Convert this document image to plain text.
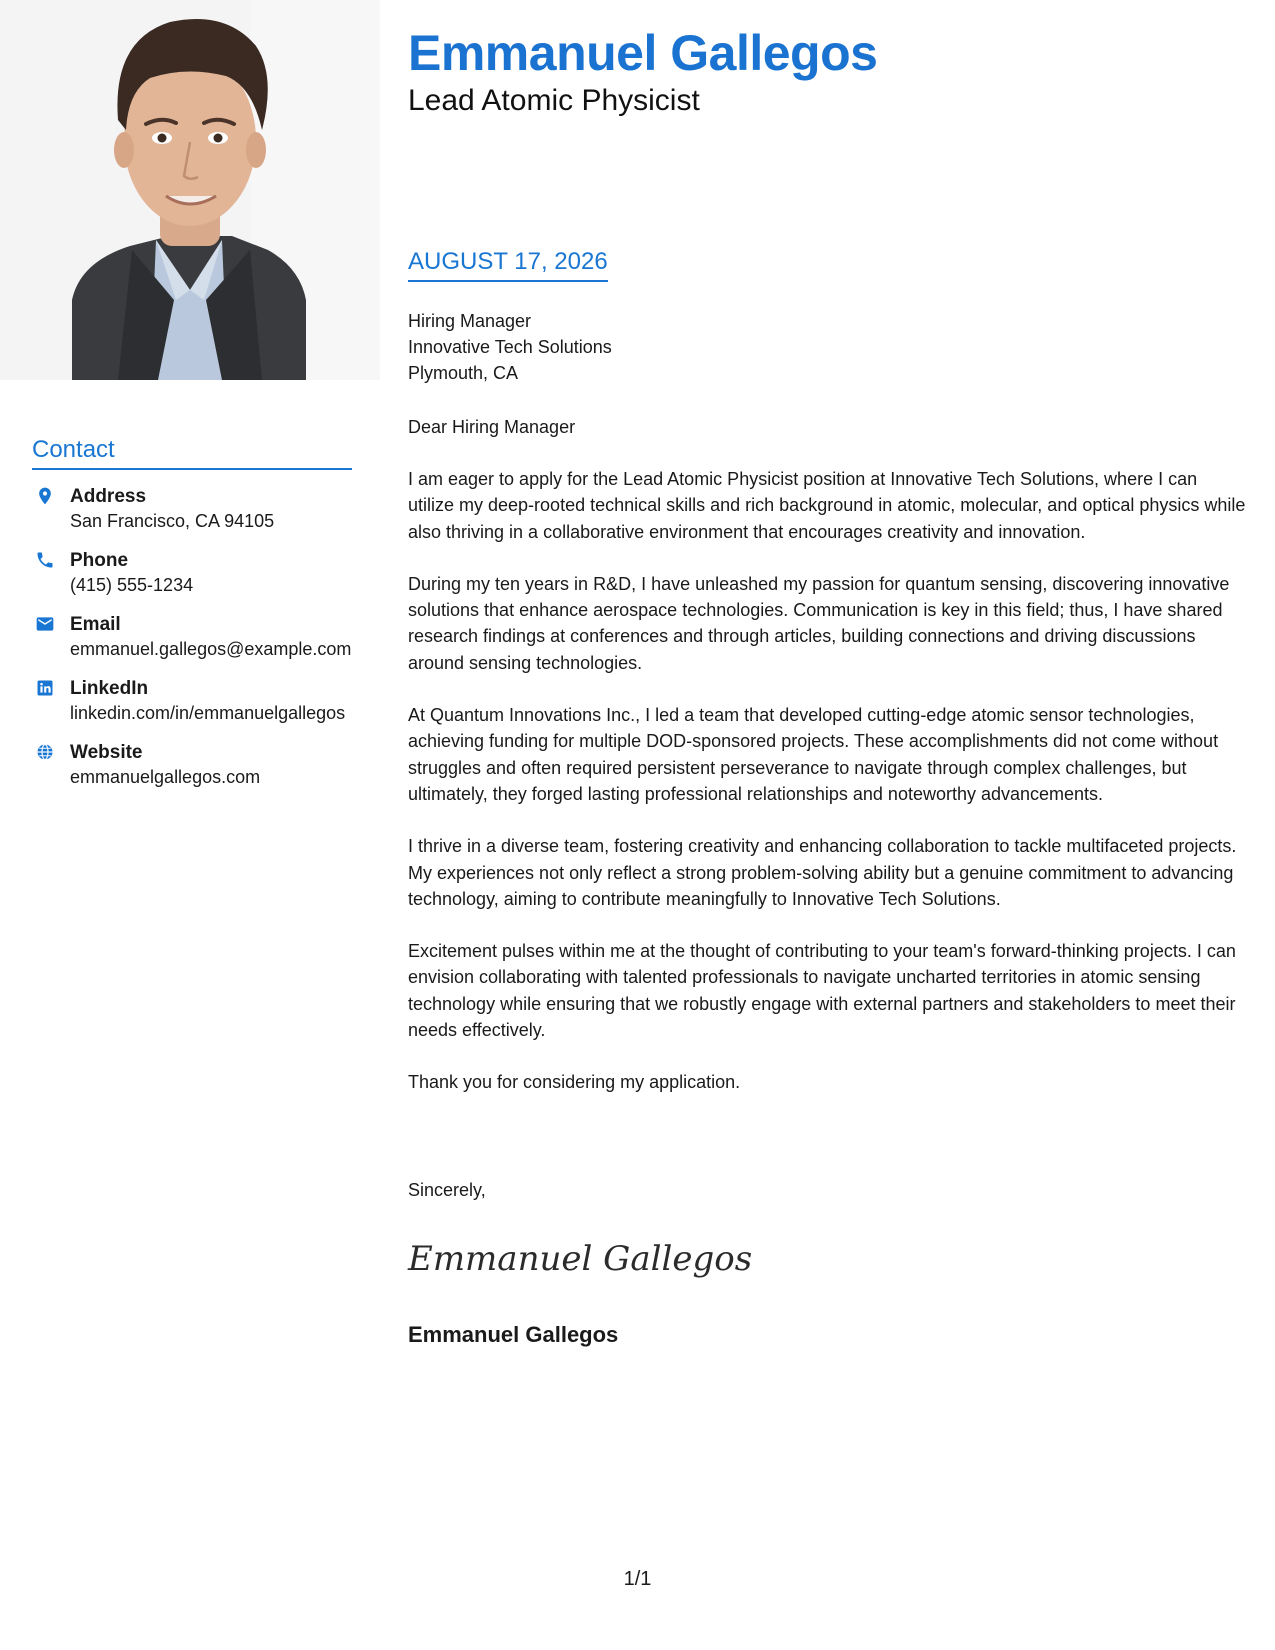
Contact
Address
San Francisco, CA 94105
Phone
(415) 555-1234
Email
emmanuel.gallegos@example.com
LinkedIn
linkedin.com/in/emmanuelgallegos
Website
emmanuelgallegos.com
Emmanuel Gallegos
Lead Atomic Physicist
AUGUST 17, 2026
Hiring Manager
Innovative Tech Solutions
Plymouth, CA
Dear Hiring Manager

I am eager to apply for the Lead Atomic Physicist position at Innovative Tech Solutions, where I can utilize my deep-rooted technical skills and rich background in atomic, molecular, and optical physics while also thriving in a collaborative environment that encourages creativity and innovation.

During my ten years in R&D, I have unleashed my passion for quantum sensing, discovering innovative solutions that enhance aerospace technologies. Communication is key in this field; thus, I have shared research findings at conferences and through articles, building connections and driving discussions around sensing technologies.

At Quantum Innovations Inc., I led a team that developed cutting-edge atomic sensor technologies, achieving funding for multiple DOD-sponsored projects. These accomplishments did not come without struggles and often required persistent perseverance to navigate through complex challenges, but ultimately, they forged lasting professional relationships and noteworthy advancements.

I thrive in a diverse team, fostering creativity and enhancing collaboration to tackle multifaceted projects. My experiences not only reflect a strong problem-solving ability but a genuine commitment to advancing technology, aiming to contribute meaningfully to Innovative Tech Solutions.

Excitement pulses within me at the thought of contributing to your team's forward-thinking projects. I can envision collaborating with talented professionals to navigate uncharted territories in atomic sensing technology while ensuring that we robustly engage with external partners and stakeholders to meet their needs effectively.

Thank you for considering my application.

Sincerely,
Emmanuel Gallegos
Emmanuel Gallegos
1/1
